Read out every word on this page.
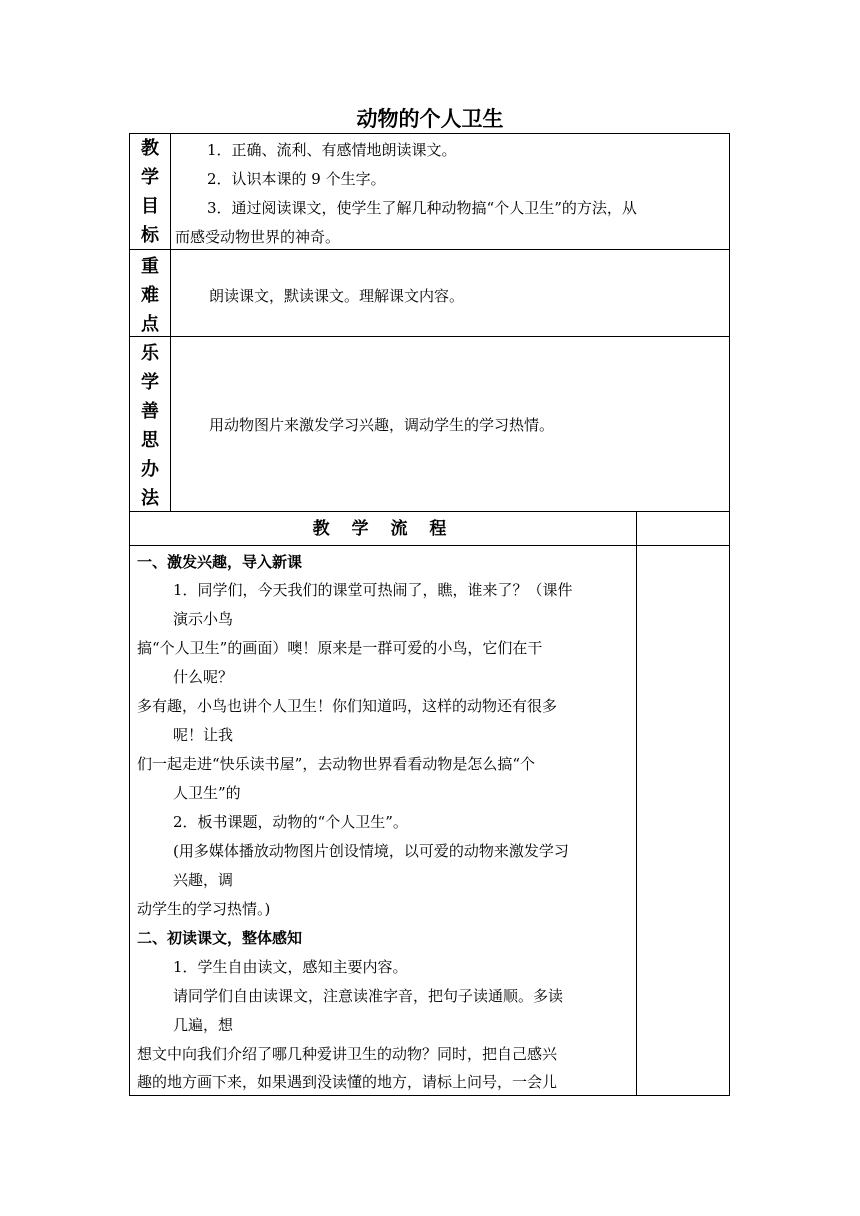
动物的个人卫生
教
学
目
标
1．正确、流利、有感情地朗读课文。
2．认识本课的 9 个生字。
3．通过阅读课文，使学生了解几种动物搞“个人卫生”的方法，从
而感受动物世界的神奇。
重
难
点
朗读课文，默读课文。理解课文内容。
乐
学
善
思
办
法
用动物图片来激发学习兴趣，调动学生的学习热情。
教 学 流 程
一、激发兴趣，导入新课
1．同学们，今天我们的课堂可热闹了，瞧，谁来了？（课件
演示小鸟
搞“个人卫生”的画面）噢！原来是一群可爱的小鸟，它们在干
什么呢？
多有趣，小鸟也讲个人卫生！你们知道吗，这样的动物还有很多
呢！让我
们一起走进“快乐读书屋”，去动物世界看看动物是怎么搞“个
人卫生”的
2．板书课题，动物的“个人卫生”。
(用多媒体播放动物图片创设情境，以可爱的动物来激发学习
兴趣，调
动学生的学习热情。)
二、初读课文，整体感知
1．学生自由读文，感知主要内容。
请同学们自由读课文，注意读准字音，把句子读通顺。多读
几遍，想
想文中向我们介绍了哪几种爱讲卫生的动物？同时，把自己感兴
趣的地方画下来，如果遇到没读懂的地方，请标上问号，一会儿
